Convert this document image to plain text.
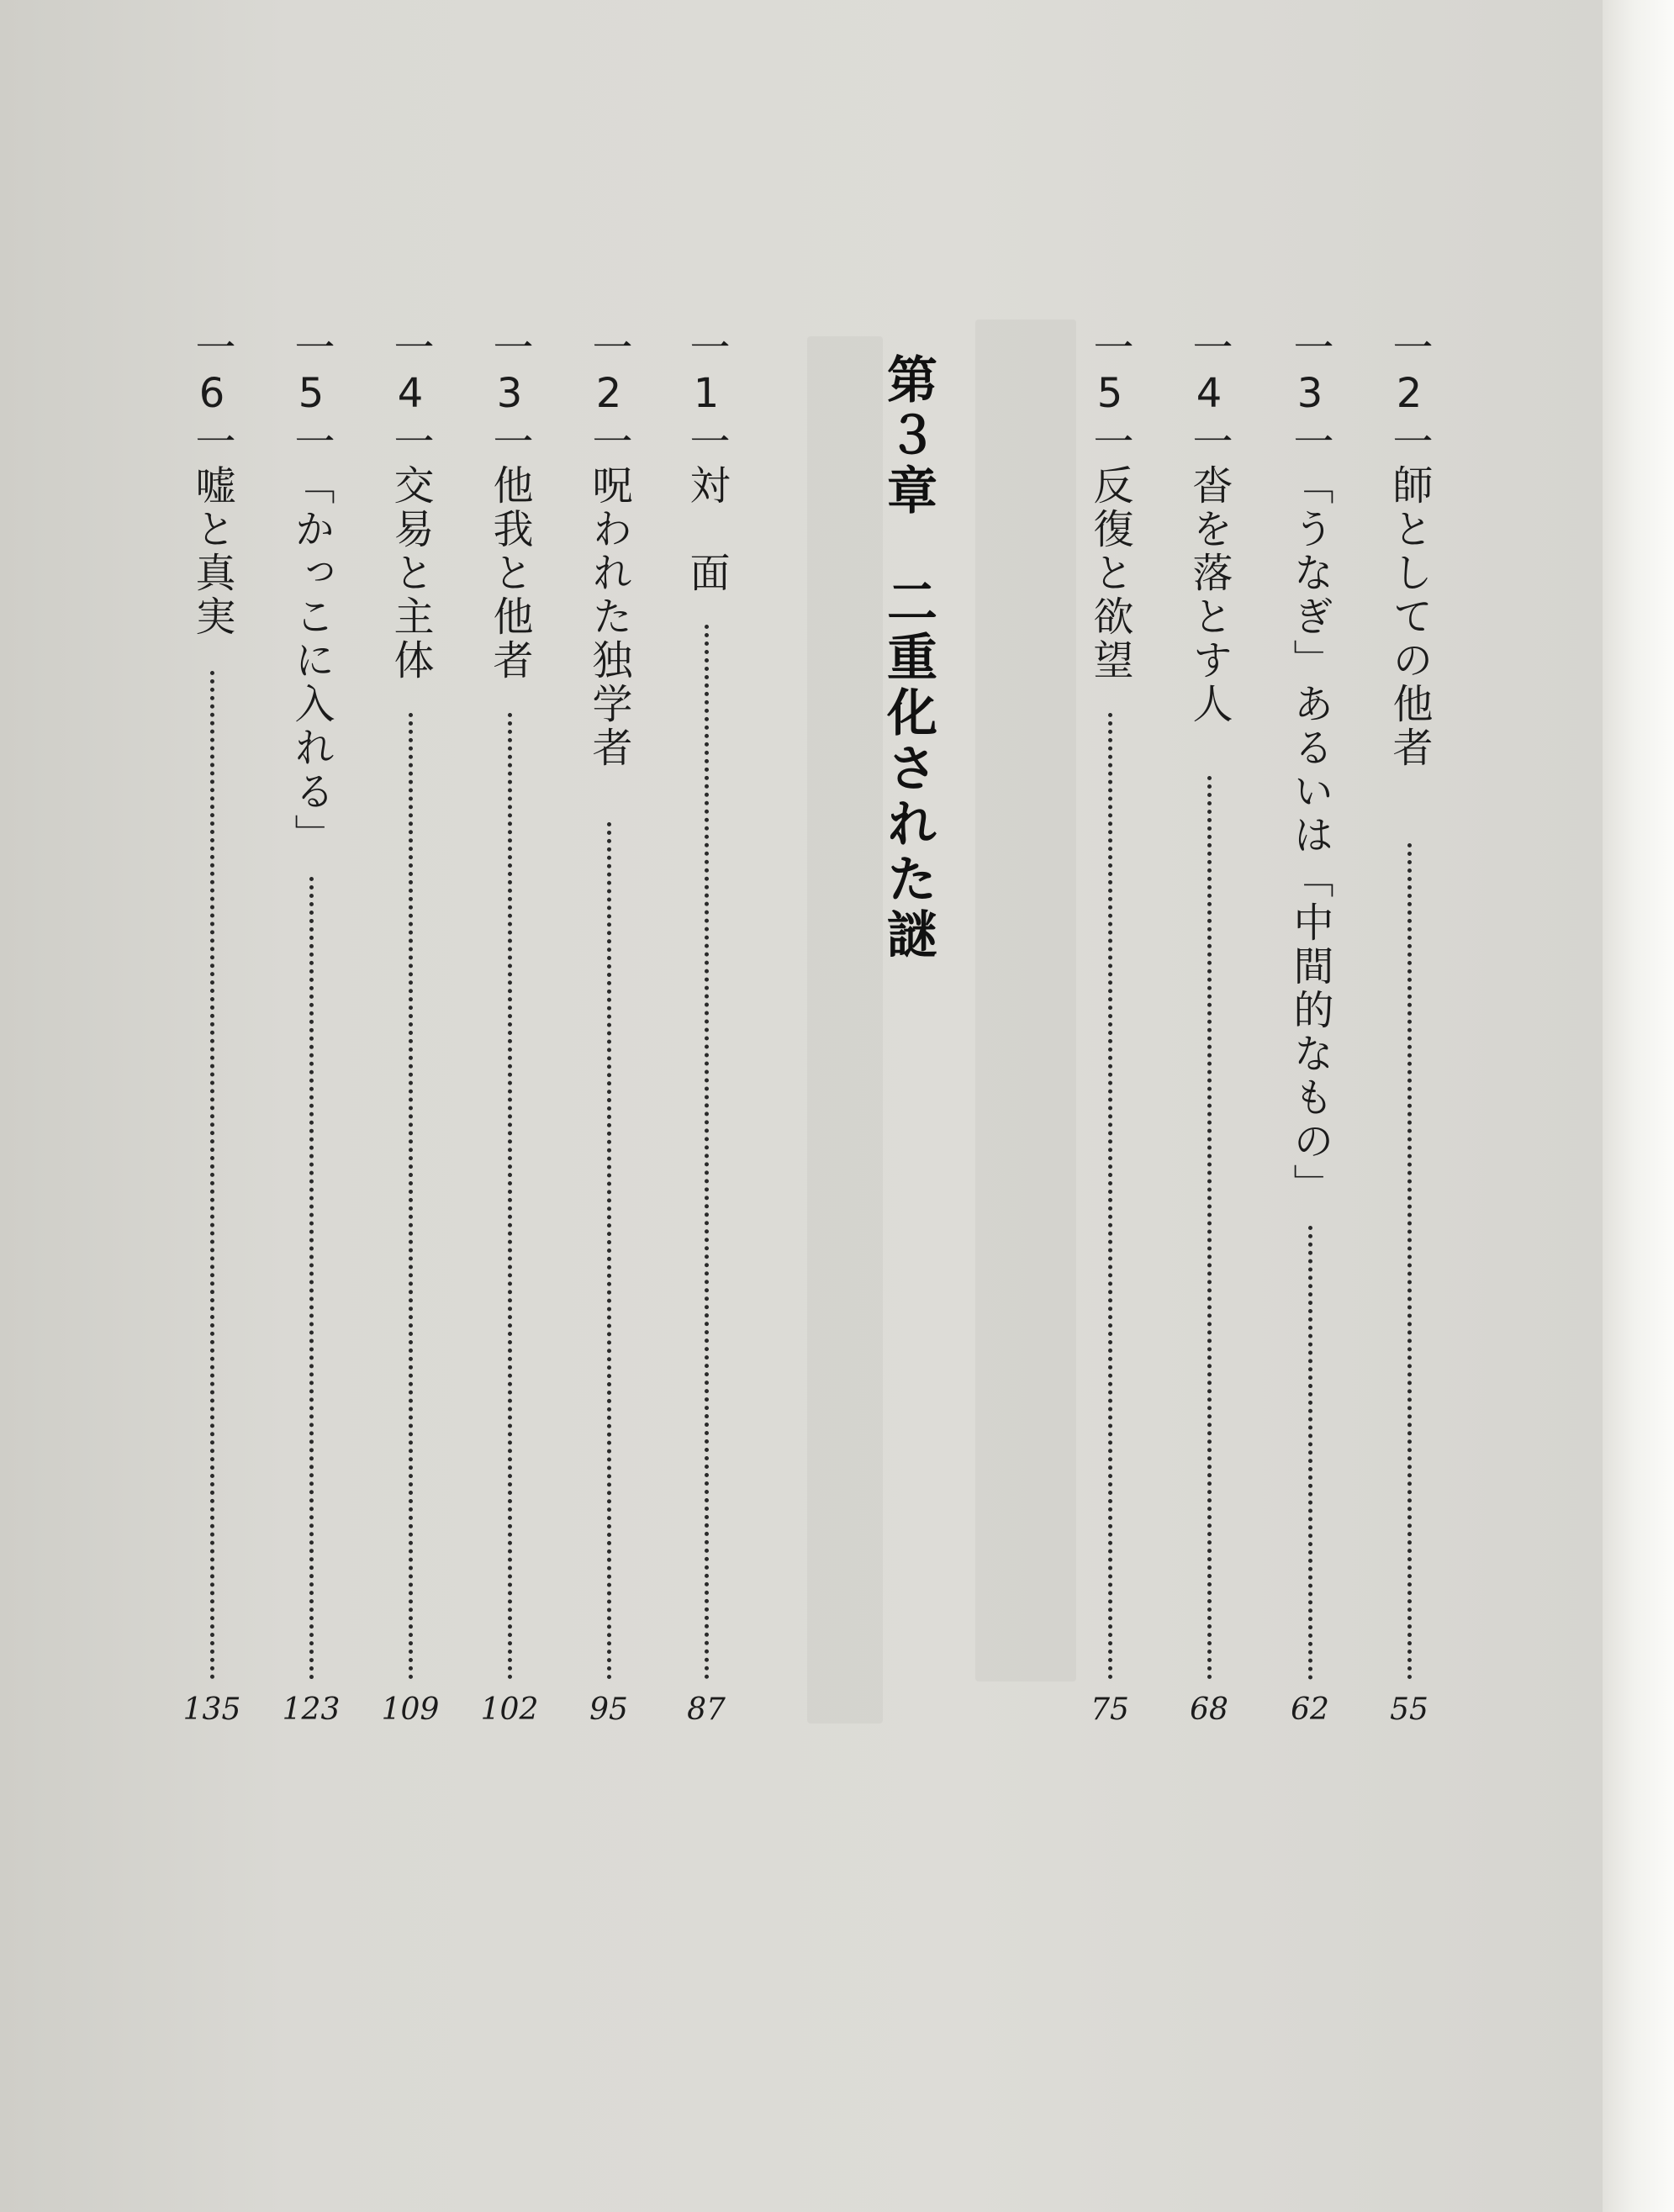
一2一師としての他者
55
一3一「うなぎ」あるいは「中間的なもの」
62
一4一沓を落とす人
68
一5一反復と欲望
75
第３章　二重化された謎
一1一対　面
87
一2一呪われた独学者
95
一3一他我と他者
102
一4一交易と主体
109
一5一「かっこに入れる」
123
一6一嘘と真実
135
